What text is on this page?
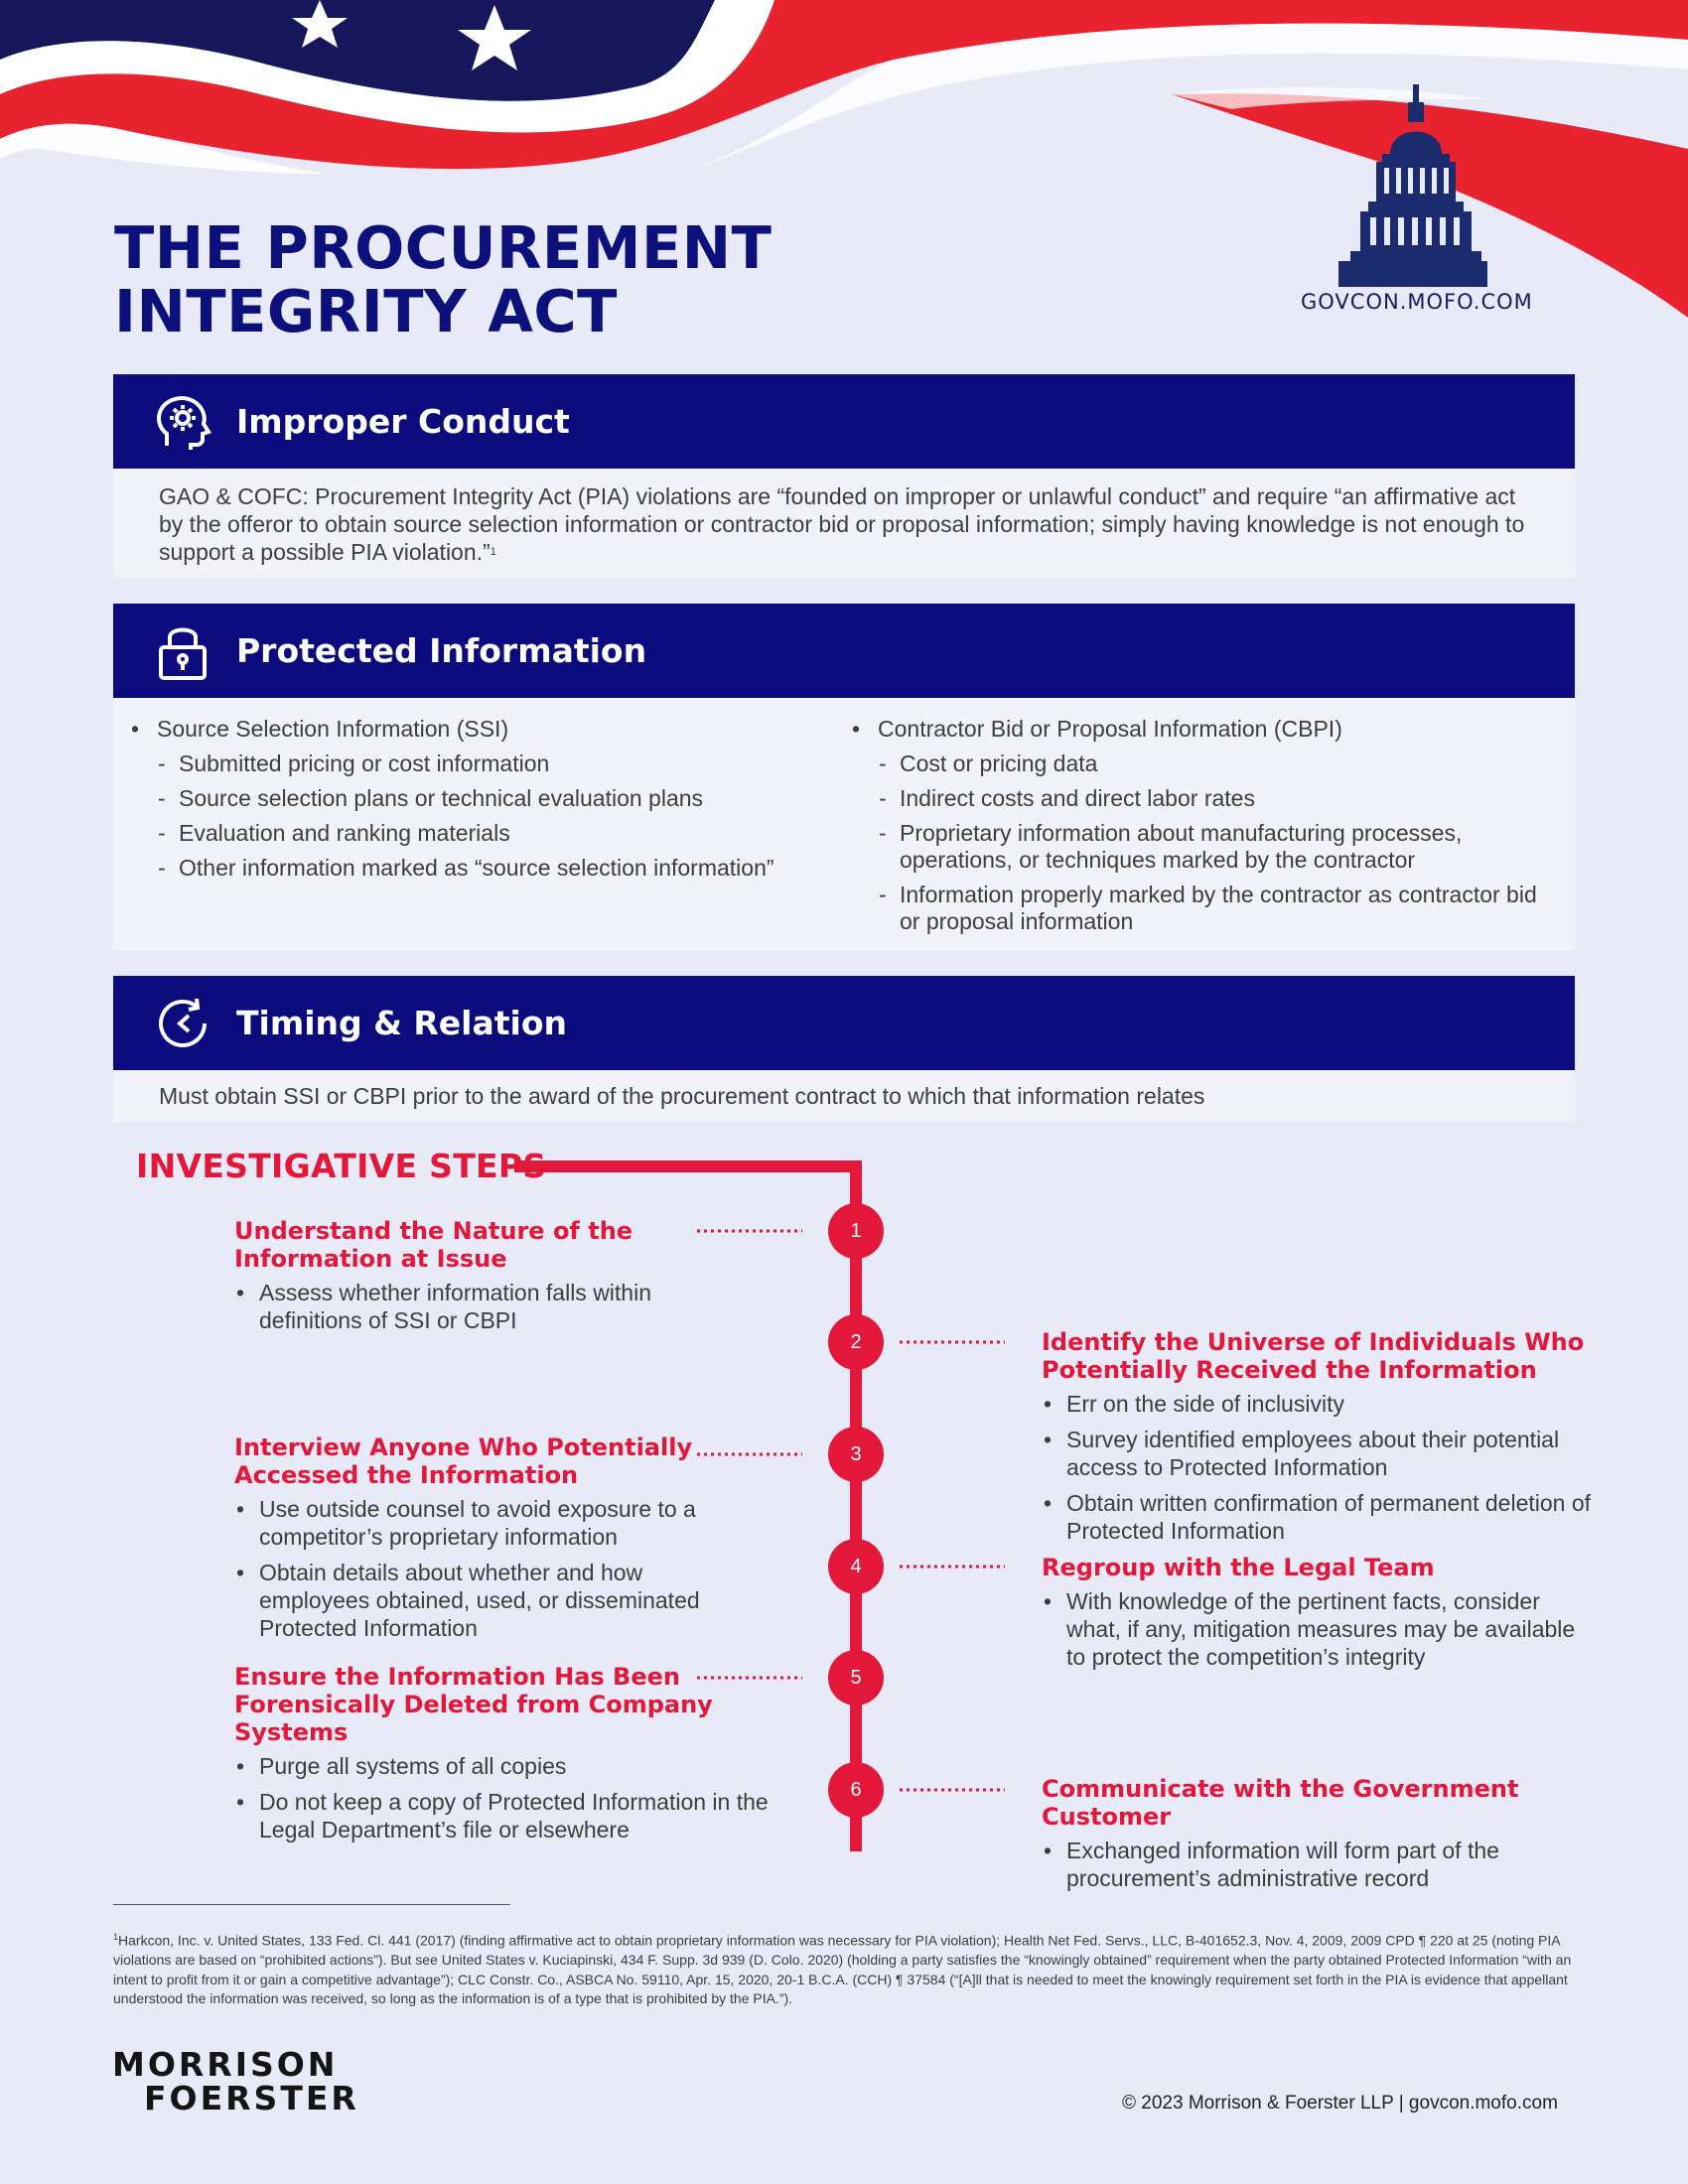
GOVCON.MOFO.COM
THE PROCUREMENT
INTEGRITY ACT
Improper Conduct
GAO & COFC: Procurement Integrity Act (PIA) violations are “founded on improper or unlawful conduct” and require “an affirmative act by the offeror to obtain source selection information or contractor bid or proposal information; simply having knowledge is not enough to support a possible PIA violation.”$^1$
Protected Information
• Source Selection Information (SSI)
- Submitted pricing or cost information
- Source selection plans or technical evaluation plans
- Evaluation and ranking materials
- Other information marked as “source selection information”
• Contractor Bid or Proposal Information (CBPI)
- Cost or pricing data
- Indirect costs and direct labor rates
- Proprietary information about manufacturing processes, operations, or techniques marked by the contractor
- Information properly marked by the contractor as contractor bid or proposal information
Timing & Relation
Must obtain SSI or CBPI prior to the award of the procurement contract to which that information relates
INVESTIGATIVE STEPS
1
2
3
4
5
6
Understand the Nature of the Information at Issue
• Assess whether information falls within definitions of SSI or CBPI
Identify the Universe of Individuals Who Potentially Received the Information
• Err on the side of inclusivity
• Survey identified employees about their potential access to Protected Information
• Obtain written confirmation of permanent deletion of Protected Information
Interview Anyone Who Potentially Accessed the Information
• Use outside counsel to avoid exposure to a competitor’s proprietary information
• Obtain details about whether and how employees obtained, used, or disseminated Protected Information
Regroup with the Legal Team
• With knowledge of the pertinent facts, consider what, if any, mitigation measures may be available to protect the competition’s integrity
Ensure the Information Has Been Forensically Deleted from Company Systems
• Purge all systems of all copies
• Do not keep a copy of Protected Information in the Legal Department’s file or elsewhere
Communicate with the Government Customer
• Exchanged information will form part of the procurement’s administrative record
$^1$Harkcon, Inc. v. United States, 133 Fed. Cl. 441 (2017) (finding affirmative act to obtain proprietary information was necessary for PIA violation); Health Net Fed. Servs., LLC, B-401652.3, Nov. 4, 2009, 2009 CPD ¶ 220 at 25 (noting PIA violations are based on “prohibited actions”). But see United States v. Kuciapinski, 434 F. Supp. 3d 939 (D. Colo. 2020) (holding a party satisfies the “knowingly obtained” requirement when the party obtained Protected Information “with an intent to profit from it or gain a competitive advantage”); CLC Constr. Co., ASBCA No. 59110, Apr. 15, 2020, 20-1 B.C.A. (CCH) ¶ 37584 (“[A]ll that is needed to meet the knowingly requirement set forth in the PIA is evidence that appellant understood the information was received, so long as the information is of a type that is prohibited by the PIA.”).
MORRISON
FOERSTER	© 2023 Morrison & Foerster LLP | govcon.mofo.com
